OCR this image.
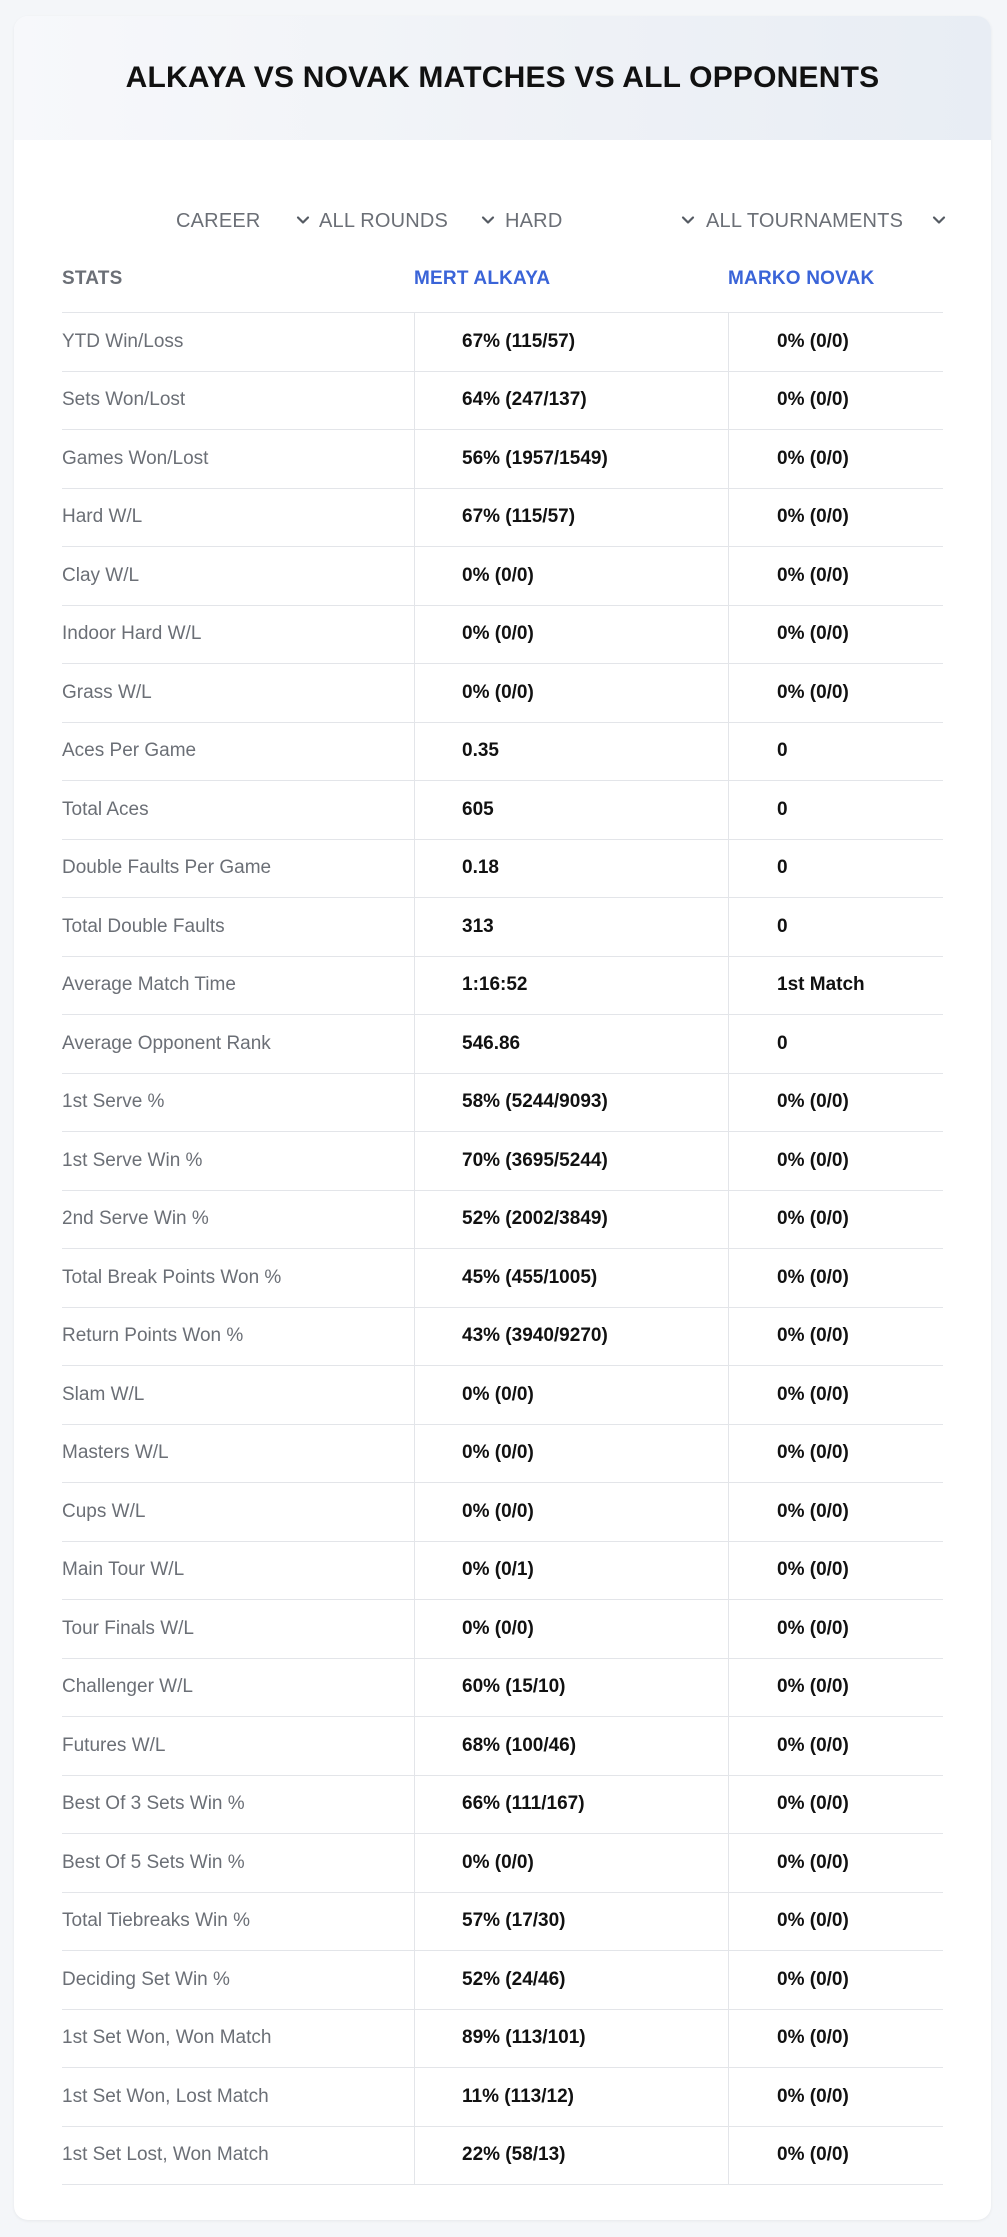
ALKAYA VS NOVAK MATCHES VS ALL OPPONENTS
CAREER	ALL ROUNDS	HARD	ALL TOURNAMENTS
STATS	MERT ALKAYA	MARKO NOVAK
YTD Win/Loss	67% (115/57)	0% (0/0)
Sets Won/Lost	64% (247/137)	0% (0/0)
Games Won/Lost	56% (1957/1549)	0% (0/0)
Hard W/L	67% (115/57)	0% (0/0)
Clay W/L	0% (0/0)	0% (0/0)
Indoor Hard W/L	0% (0/0)	0% (0/0)
Grass W/L	0% (0/0)	0% (0/0)
Aces Per Game	0.35	0
Total Aces	605	0
Double Faults Per Game	0.18	0
Total Double Faults	313	0
Average Match Time	1:16:52	1st Match
Average Opponent Rank	546.86	0
1st Serve %	58% (5244/9093)	0% (0/0)
1st Serve Win %	70% (3695/5244)	0% (0/0)
2nd Serve Win %	52% (2002/3849)	0% (0/0)
Total Break Points Won %	45% (455/1005)	0% (0/0)
Return Points Won %	43% (3940/9270)	0% (0/0)
Slam W/L	0% (0/0)	0% (0/0)
Masters W/L	0% (0/0)	0% (0/0)
Cups W/L	0% (0/0)	0% (0/0)
Main Tour W/L	0% (0/1)	0% (0/0)
Tour Finals W/L	0% (0/0)	0% (0/0)
Challenger W/L	60% (15/10)	0% (0/0)
Futures W/L	68% (100/46)	0% (0/0)
Best Of 3 Sets Win %	66% (111/167)	0% (0/0)
Best Of 5 Sets Win %	0% (0/0)	0% (0/0)
Total Tiebreaks Win %	57% (17/30)	0% (0/0)
Deciding Set Win %	52% (24/46)	0% (0/0)
1st Set Won, Won Match	89% (113/101)	0% (0/0)
1st Set Won, Lost Match	11% (113/12)	0% (0/0)
1st Set Lost, Won Match	22% (58/13)	0% (0/0)
